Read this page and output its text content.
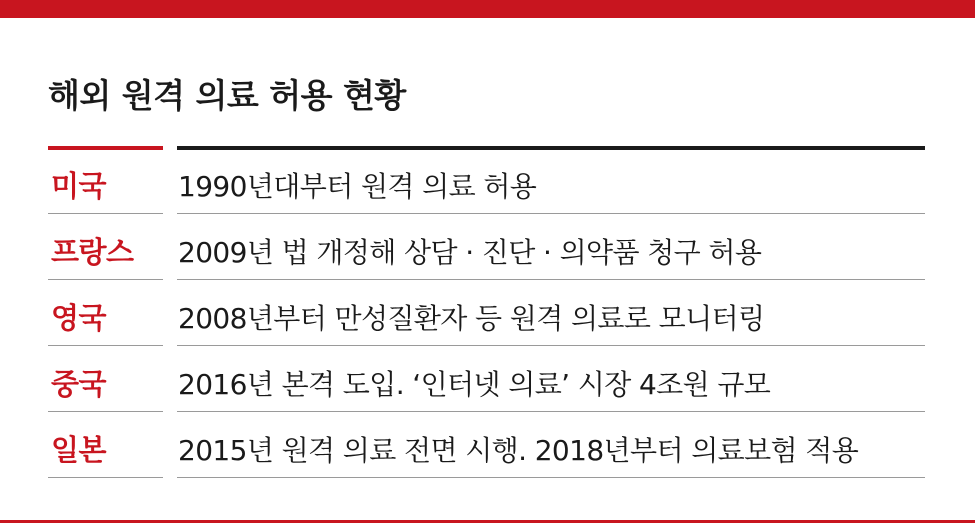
해외 원격 의료 허용 현황
미국	1990년대부터 원격 의료 허용
프랑스 2009년 법 개정해 상담 · 진단 · 의약품 청구 허용
영국	2008년부터 만성질환자 등 원격 의료로 모니터링
중국	2016년 본격 도입. ‘인터넷 의료’ 시장 4조원 규모
일본	2015년 원격 의료 전면 시행. 2018년부터 의료보험 적용
